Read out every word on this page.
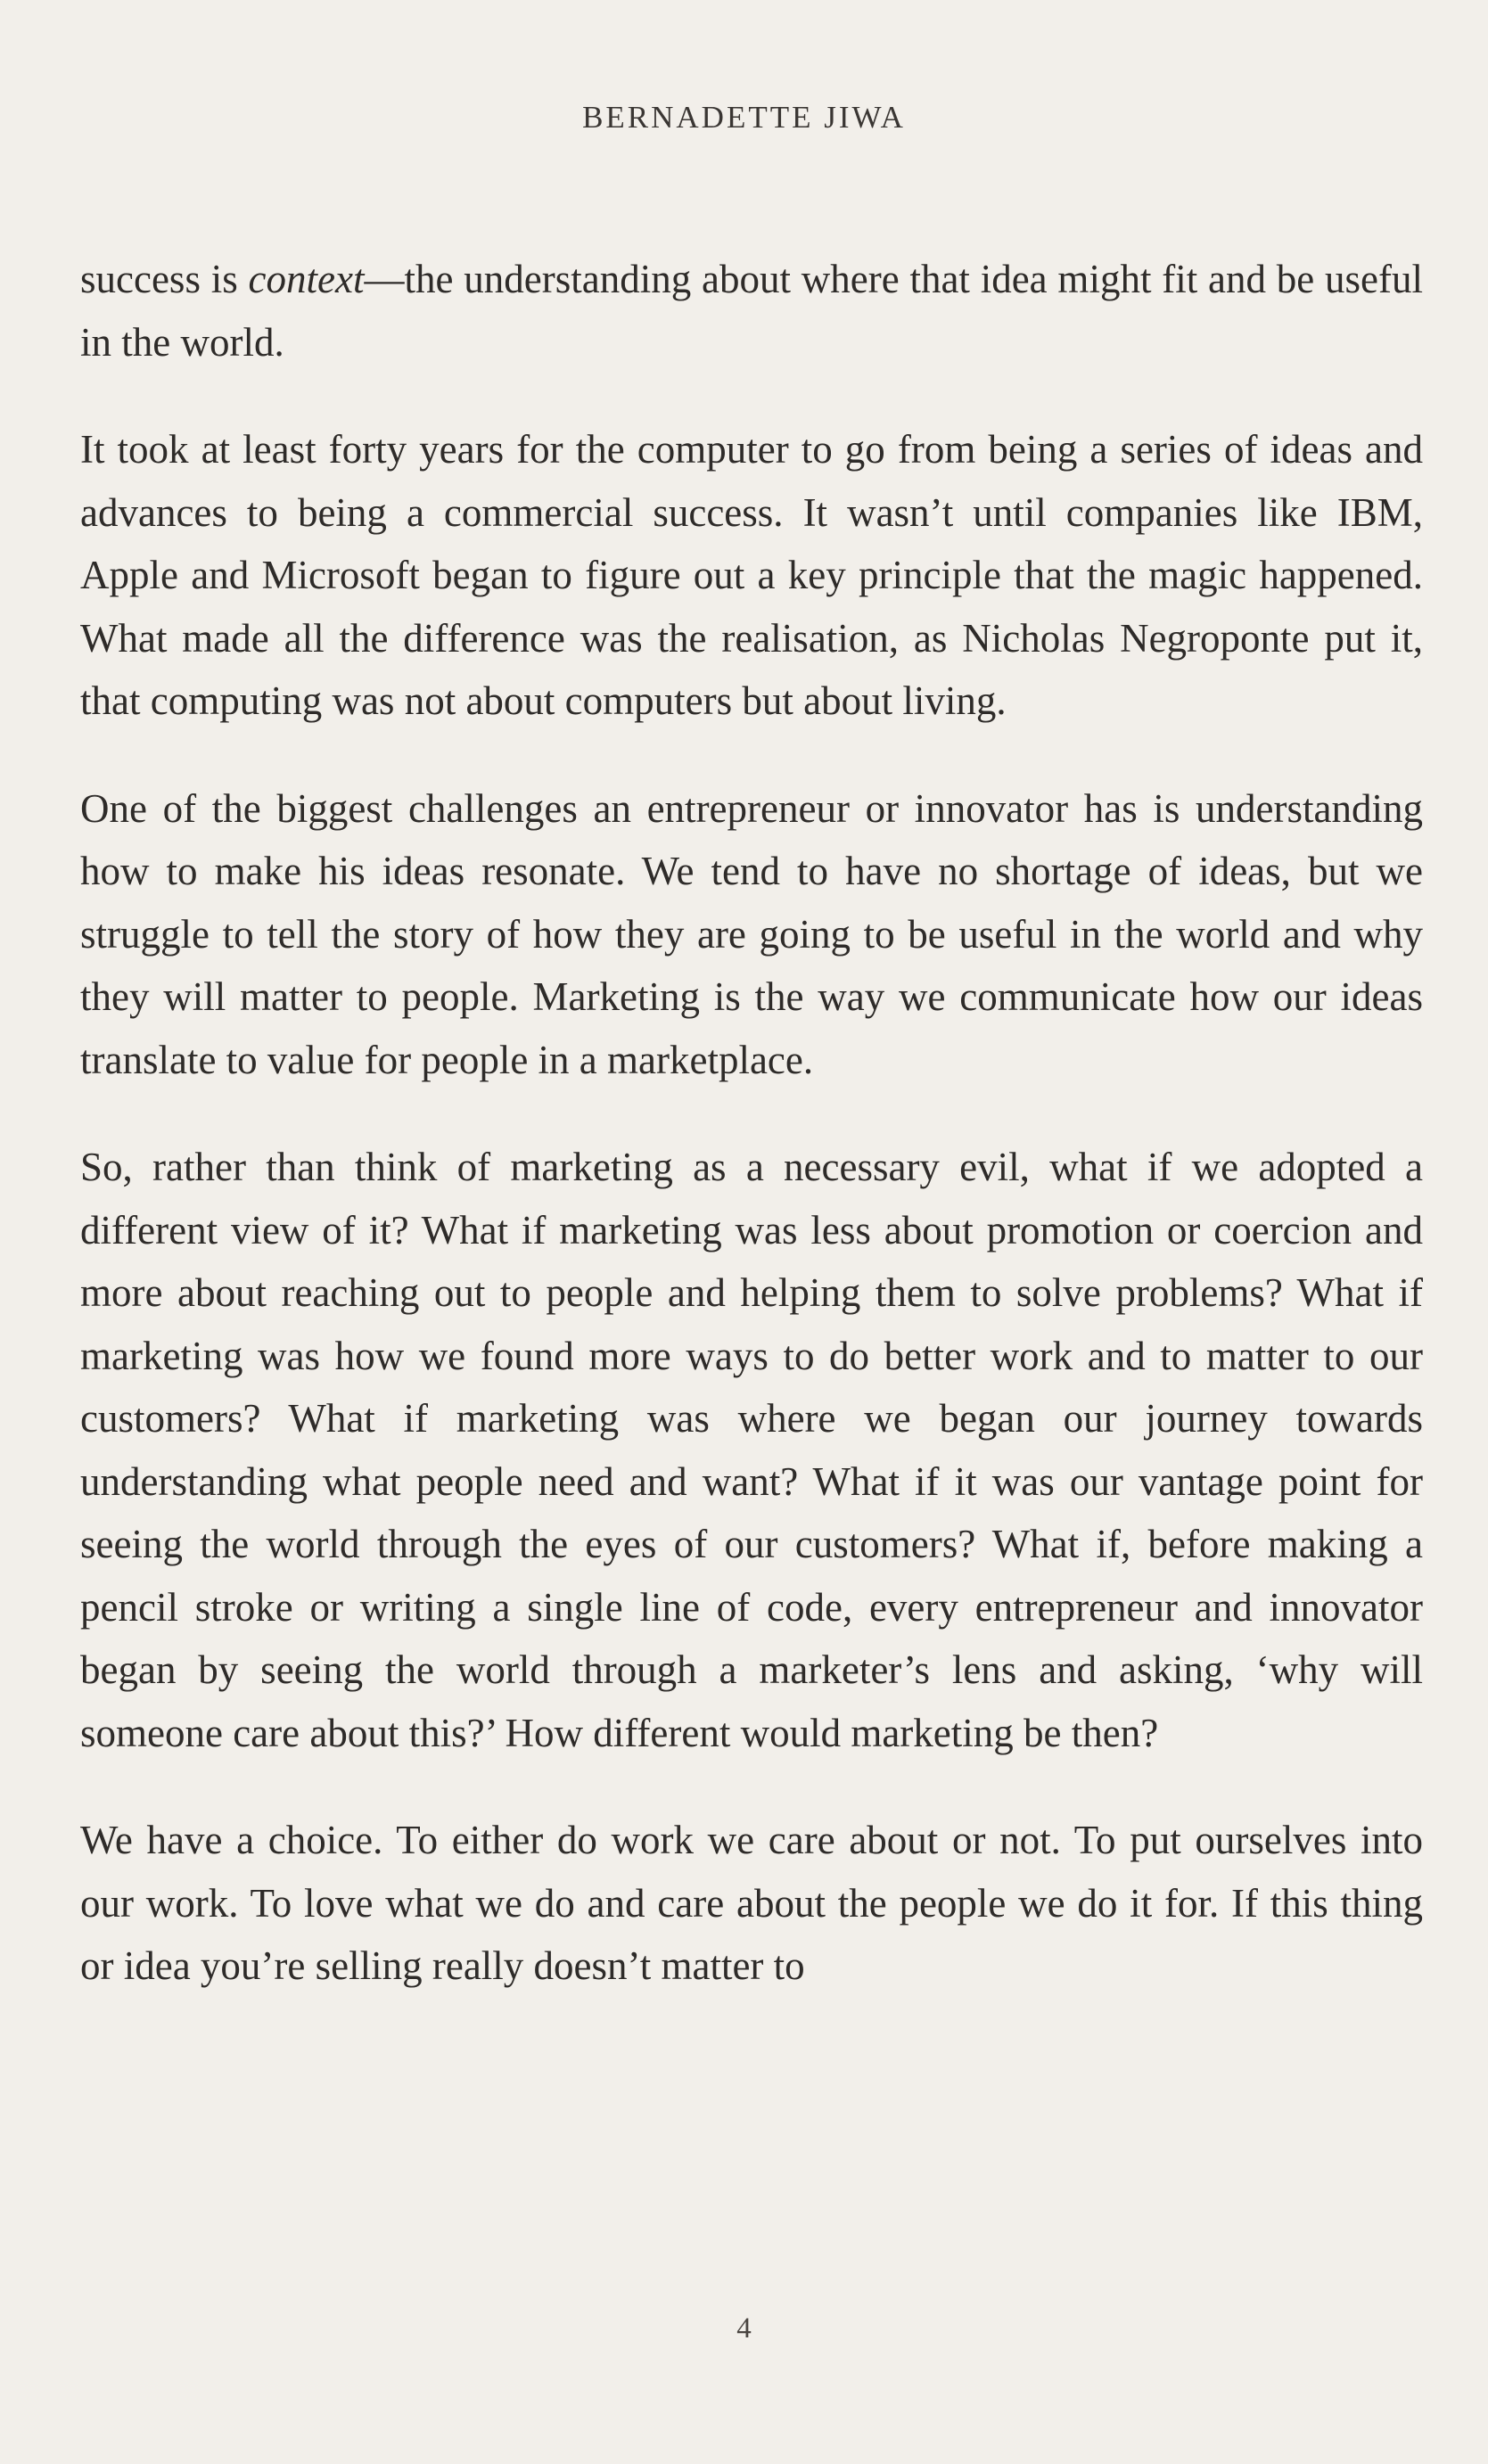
BERNADETTE JIWA

success is context—the understanding about where that idea might fit and be useful in the world.

It took at least forty years for the computer to go from being a series of ideas and advances to being a commercial success. It wasn’t until companies like IBM, Apple and Microsoft began to figure out a key principle that the magic happened. What made all the difference was the realisation, as Nicholas Negroponte put it, that computing was not about computers but about living.

One of the biggest challenges an entrepreneur or innovator has is understanding how to make his ideas resonate. We tend to have no shortage of ideas, but we struggle to tell the story of how they are going to be useful in the world and why they will matter to people. Marketing is the way we communicate how our ideas translate to value for people in a marketplace.

So, rather than think of marketing as a necessary evil, what if we adopted a different view of it? What if marketing was less about promotion or coercion and more about reaching out to people and helping them to solve problems? What if marketing was how we found more ways to do better work and to matter to our customers? What if marketing was where we began our journey towards understanding what people need and want? What if it was our vantage point for seeing the world through the eyes of our customers? What if, before making a pencil stroke or writing a single line of code, every entrepreneur and innovator began by seeing the world through a marketer’s lens and asking, ‘why will someone care about this?’ How different would marketing be then?

We have a choice. To either do work we care about or not. To put ourselves into our work. To love what we do and care about the people we do it for. If this thing or idea you’re selling really doesn’t matter to

4
